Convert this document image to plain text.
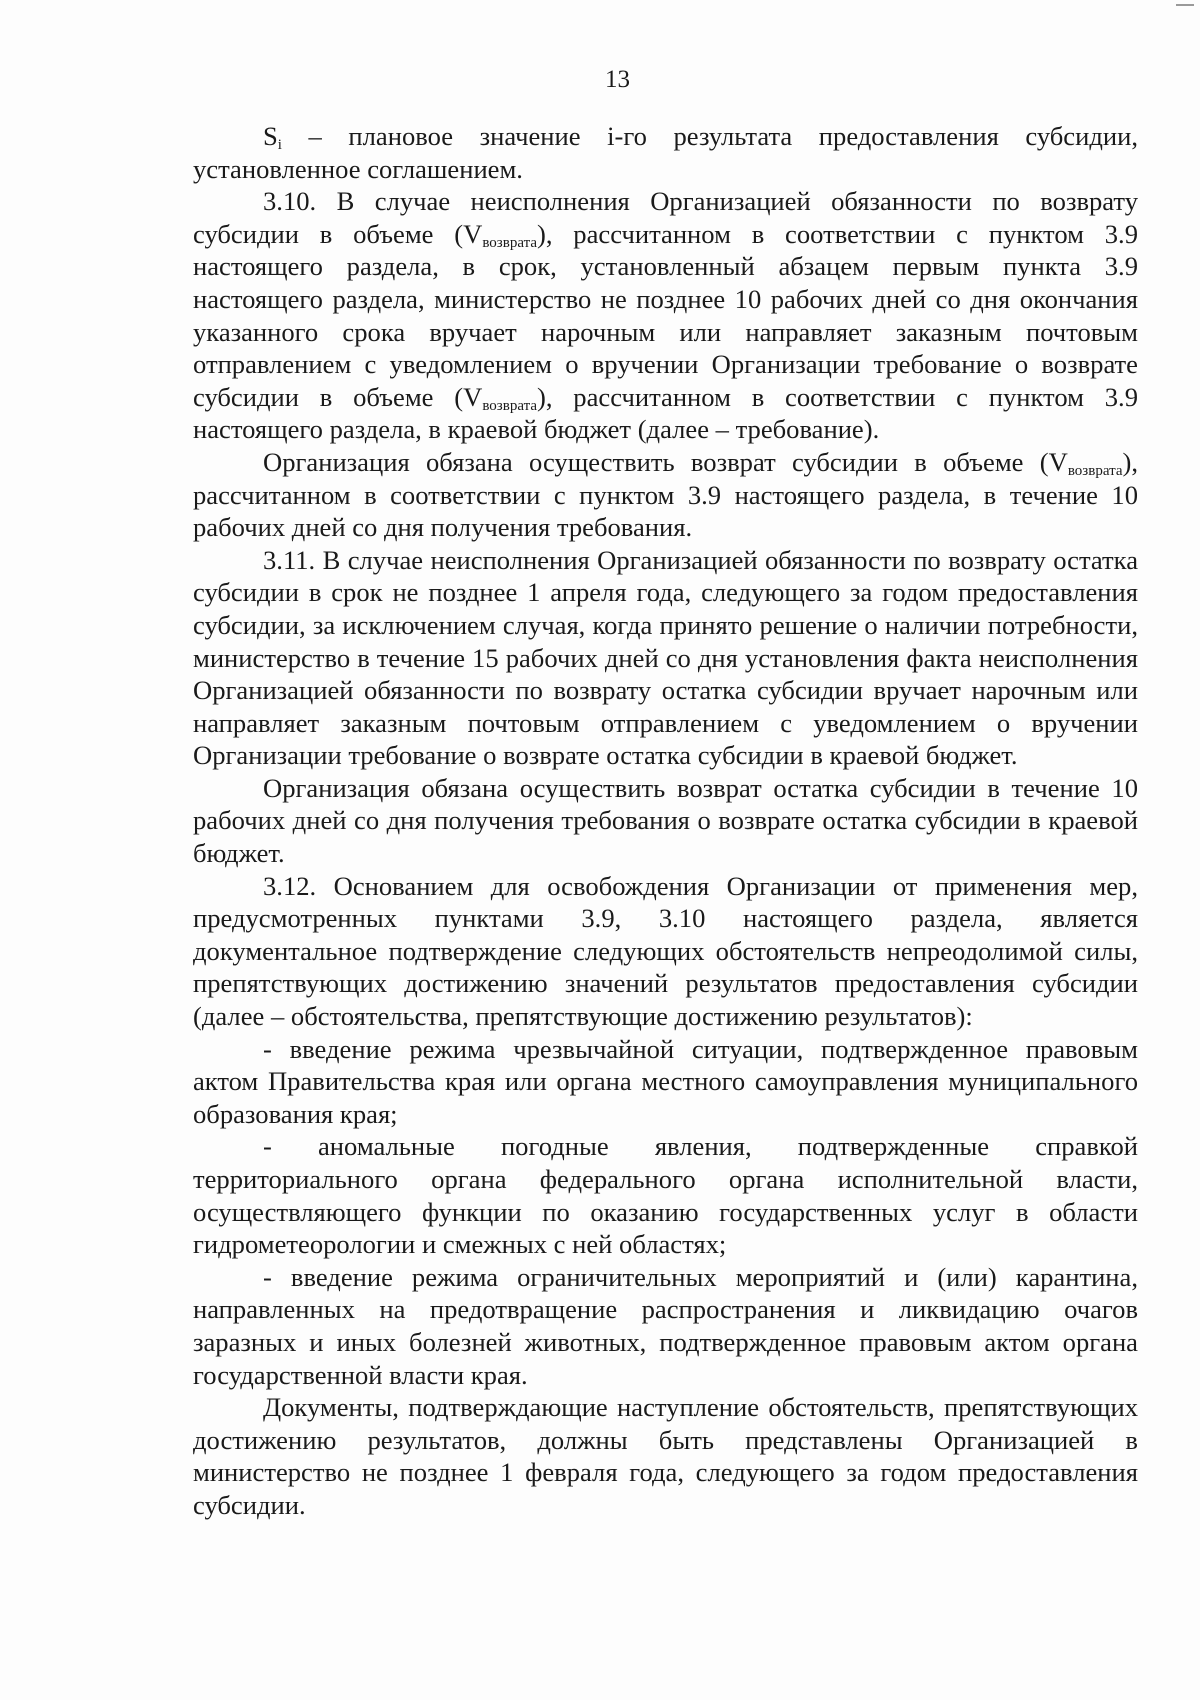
13

$S_i$ – плановое значение i-го результата предоставления субсидии, установленное соглашением.

3.10. В случае неисполнения Организацией обязанности по возврату субсидии в объеме $(V_{возврата})$, рассчитанном в соответствии с пунктом 3.9 настоящего раздела, в срок, установленный абзацем первым пункта 3.9 настоящего раздела, министерство не позднее 10 рабочих дней со дня окончания указанного срока вручает нарочным или направляет заказным почтовым отправлением с уведомлением о вручении Организации требование о возврате субсидии в объеме $(V_{возврата})$, рассчитанном в соответствии с пунктом 3.9 настоящего раздела, в краевой бюджет (далее – требование).

Организация обязана осуществить возврат субсидии в объеме $(V_{возврата})$, рассчитанном в соответствии с пунктом 3.9 настоящего раздела, в течение 10 рабочих дней со дня получения требования.

3.11. В случае неисполнения Организацией обязанности по возврату остатка субсидии в срок не позднее 1 апреля года, следующего за годом предоставления субсидии, за исключением случая, когда принято решение о наличии потребности, министерство в течение 15 рабочих дней со дня установления факта неисполнения Организацией обязанности по возврату остатка субсидии вручает нарочным или направляет заказным почтовым отправлением с уведомлением о вручении Организации требование о возврате остатка субсидии в краевой бюджет.

Организация обязана осуществить возврат остатка субсидии в течение 10 рабочих дней со дня получения требования о возврате остатка субсидии в краевой бюджет.

3.12. Основанием для освобождения Организации от применения мер, предусмотренных пунктами 3.9, 3.10 настоящего раздела, является документальное подтверждение следующих обстоятельств непреодолимой силы, препятствующих достижению значений результатов предоставления субсидии (далее – обстоятельства, препятствующие достижению результатов):

- введение режима чрезвычайной ситуации, подтвержденное правовым актом Правительства края или органа местного самоуправления муниципального образования края;

- аномальные погодные явления, подтвержденные справкой территориального органа федерального органа исполнительной власти, осуществляющего функции по оказанию государственных услуг в области гидрометеорологии и смежных с ней областях;

- введение режима ограничительных мероприятий и (или) карантина, направленных на предотвращение распространения и ликвидацию очагов заразных и иных болезней животных, подтвержденное правовым актом органа государственной власти края.

Документы, подтверждающие наступление обстоятельств, препятствующих достижению результатов, должны быть представлены Организацией в министерство не позднее 1 февраля года, следующего за годом предоставления субсидии.
